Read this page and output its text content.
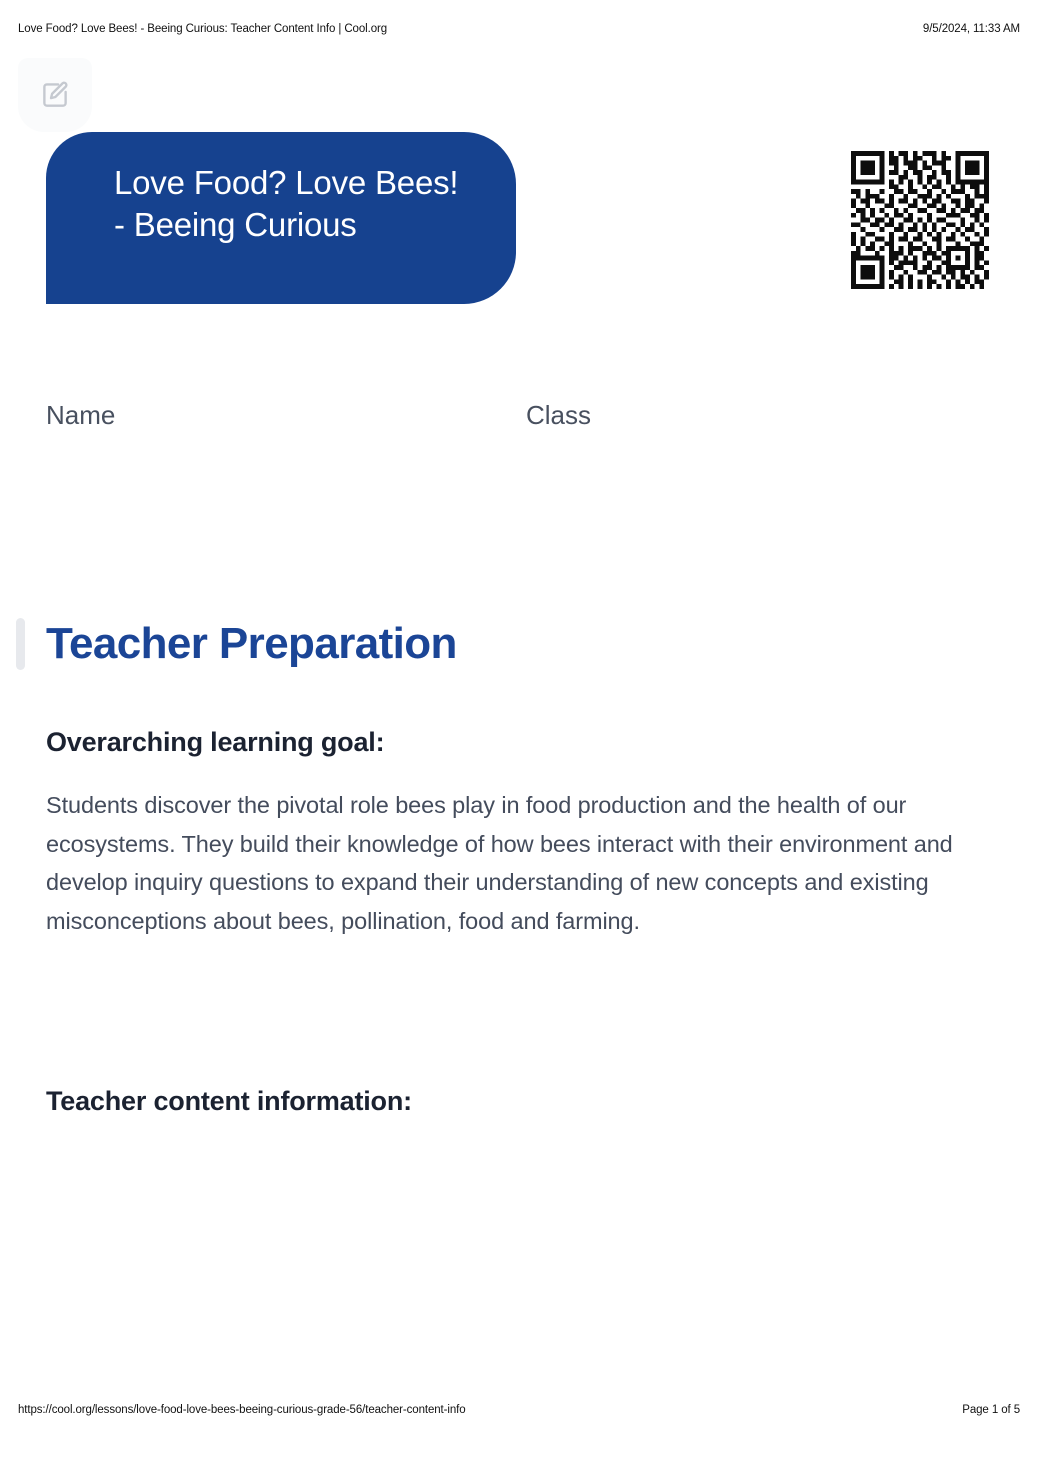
Love Food? Love Bees! - Beeing Curious: Teacher Content Info | Cool.org	9/5/2024, 11:33 AM
Love Food? Love Bees! - Beeing Curious
Name	Class
Teacher Preparation
Overarching learning goal:

Students discover the pivotal role bees play in food production and the health of our ecosystems. They build their knowledge of how bees interact with their environment and develop inquiry questions to expand their understanding of new concepts and existing misconceptions about bees, pollination, food and farming.

Teacher content information:
https://cool.org/lessons/love-food-love-bees-beeing-curious-grade-56/teacher-content-info	Page 1 of 5
